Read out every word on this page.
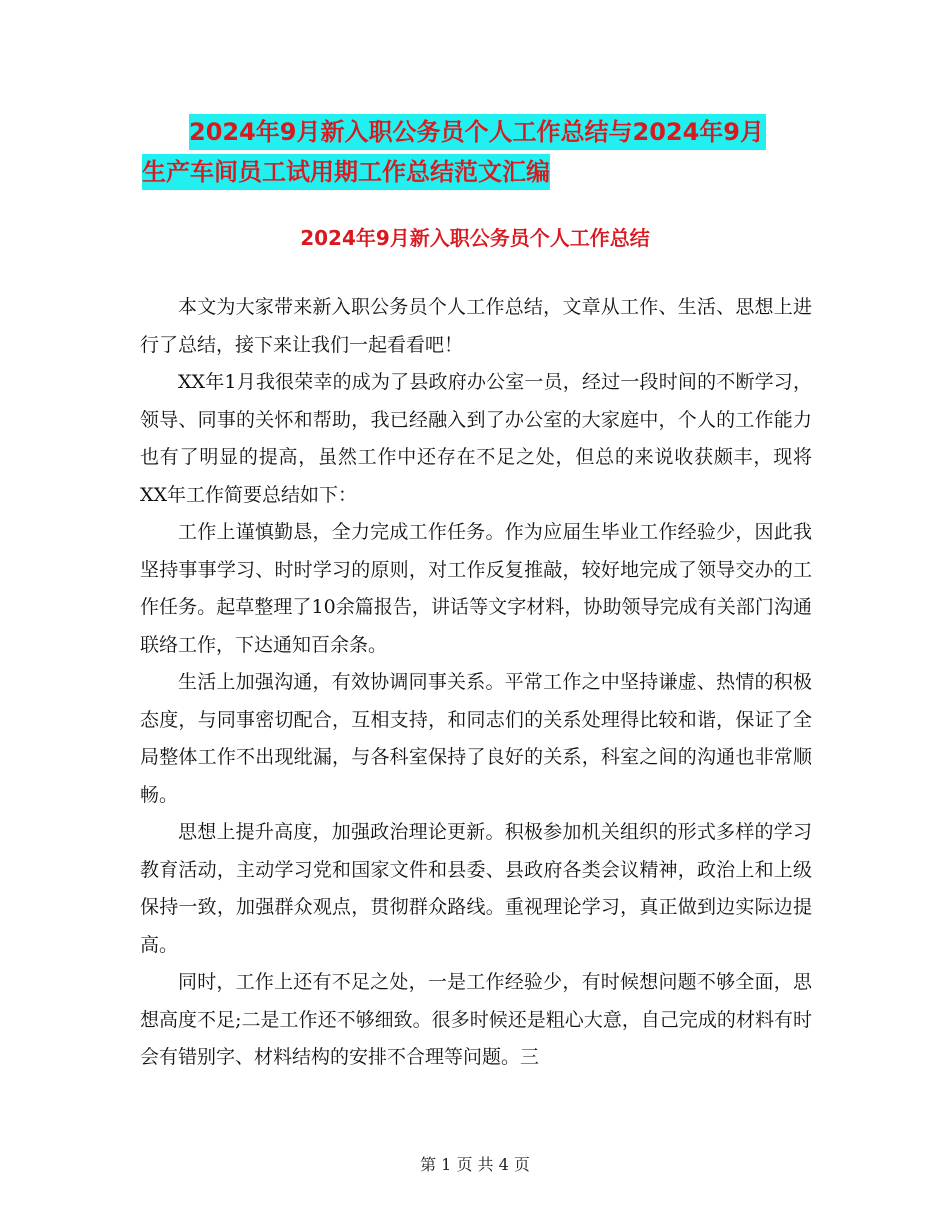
2024年9月新入职公务员个人工作总结与2024年9月
生产车间员工试用期工作总结范文汇编
2024年9月新入职公务员个人工作总结

本文为大家带来新入职公务员个人工作总结，文章从工作、生活、思想上进行了总结，接下来让我们一起看看吧！

XX年1月我很荣幸的成为了县政府办公室一员，经过一段时间的不断学习，领导、同事的关怀和帮助，我已经融入到了办公室的大家庭中，个人的工作能力也有了明显的提高，虽然工作中还存在不足之处，但总的来说收获颇丰，现将XX年工作简要总结如下：

工作上谨慎勤恳，全力完成工作任务。作为应届生毕业工作经验少，因此我坚持事事学习、时时学习的原则，对工作反复推敲，较好地完成了领导交办的工作任务。起草整理了10余篇报告，讲话等文字材料，协助领导完成有关部门沟通联络工作，下达通知百余条。

生活上加强沟通，有效协调同事关系。平常工作之中坚持谦虚、热情的积极态度，与同事密切配合，互相支持，和同志们的关系处理得比较和谐，保证了全局整体工作不出现纰漏，与各科室保持了良好的关系，科室之间的沟通也非常顺畅。

思想上提升高度，加强政治理论更新。积极参加机关组织的形式多样的学习教育活动，主动学习党和国家文件和县委、县政府各类会议精神，政治上和上级保持一致，加强群众观点，贯彻群众路线。重视理论学习，真正做到边实际边提高。

同时，工作上还有不足之处，一是工作经验少，有时候想问题不够全面，思想高度不足;二是工作还不够细致。很多时候还是粗心大意，自己完成的材料有时会有错别字、材料结构的安排不合理等问题。三

第 1 页 共 4 页
